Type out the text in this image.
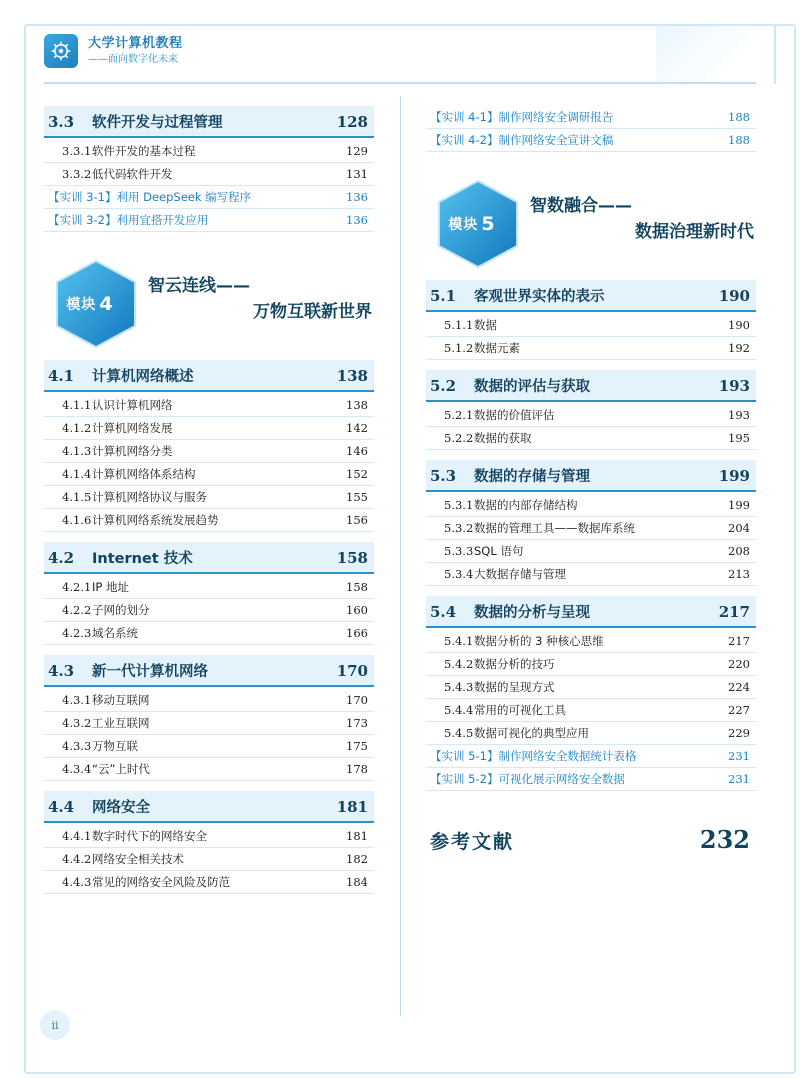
大学计算机教程
——面向数字化未来
3.3	软件开发与过程管理	128
3.3.1 软件开发的基本过程	129
3.3.2 低代码软件开发	131
【实训 3-1】利用 DeepSeek 编写程序	136
【实训 3-2】利用宜搭开发应用	136
模块 4
智云连线——
万物互联新世界
4.1	计算机网络概述	138
4.1.1 认识计算机网络	138
4.1.2 计算机网络发展	142
4.1.3 计算机网络分类	146
4.1.4 计算机网络体系结构	152
4.1.5 计算机网络协议与服务	155
4.1.6 计算机网络系统发展趋势	156
4.2	Internet 技术	158
4.2.1 IP 地址	158
4.2.2 子网的划分	160
4.2.3 域名系统	166
4.3	新一代计算机网络	170
4.3.1 移动互联网	170
4.3.2 工业互联网	173
4.3.3 万物互联	175
4.3.4 “云”上时代	178
4.4	网络安全	181
4.4.1 数字时代下的网络安全	181
4.4.2 网络安全相关技术	182
4.4.3 常见的网络安全风险及防范	184
【实训 4-1】制作网络安全调研报告	188
【实训 4-2】制作网络安全宣讲文稿	188
模块 5
智数融合——
数据治理新时代
5.1	客观世界实体的表示	190
5.1.1 数据	190
5.1.2 数据元素	192
5.2	数据的评估与获取	193
5.2.1 数据的价值评估	193
5.2.2 数据的获取	195
5.3	数据的存储与管理	199
5.3.1 数据的内部存储结构	199
5.3.2 数据的管理工具——数据库系统	204
5.3.3 SQL 语句	208
5.3.4 大数据存储与管理	213
5.4	数据的分析与呈现	217
5.4.1 数据分析的 3 种核心思维	217
5.4.2 数据分析的技巧	220
5.4.3 数据的呈现方式	224
5.4.4 常用的可视化工具	227
5.4.5 数据可视化的典型应用	229
【实训 5-1】制作网络安全数据统计表格	231
【实训 5-2】可视化展示网络安全数据	231
参考文献	232
ii
